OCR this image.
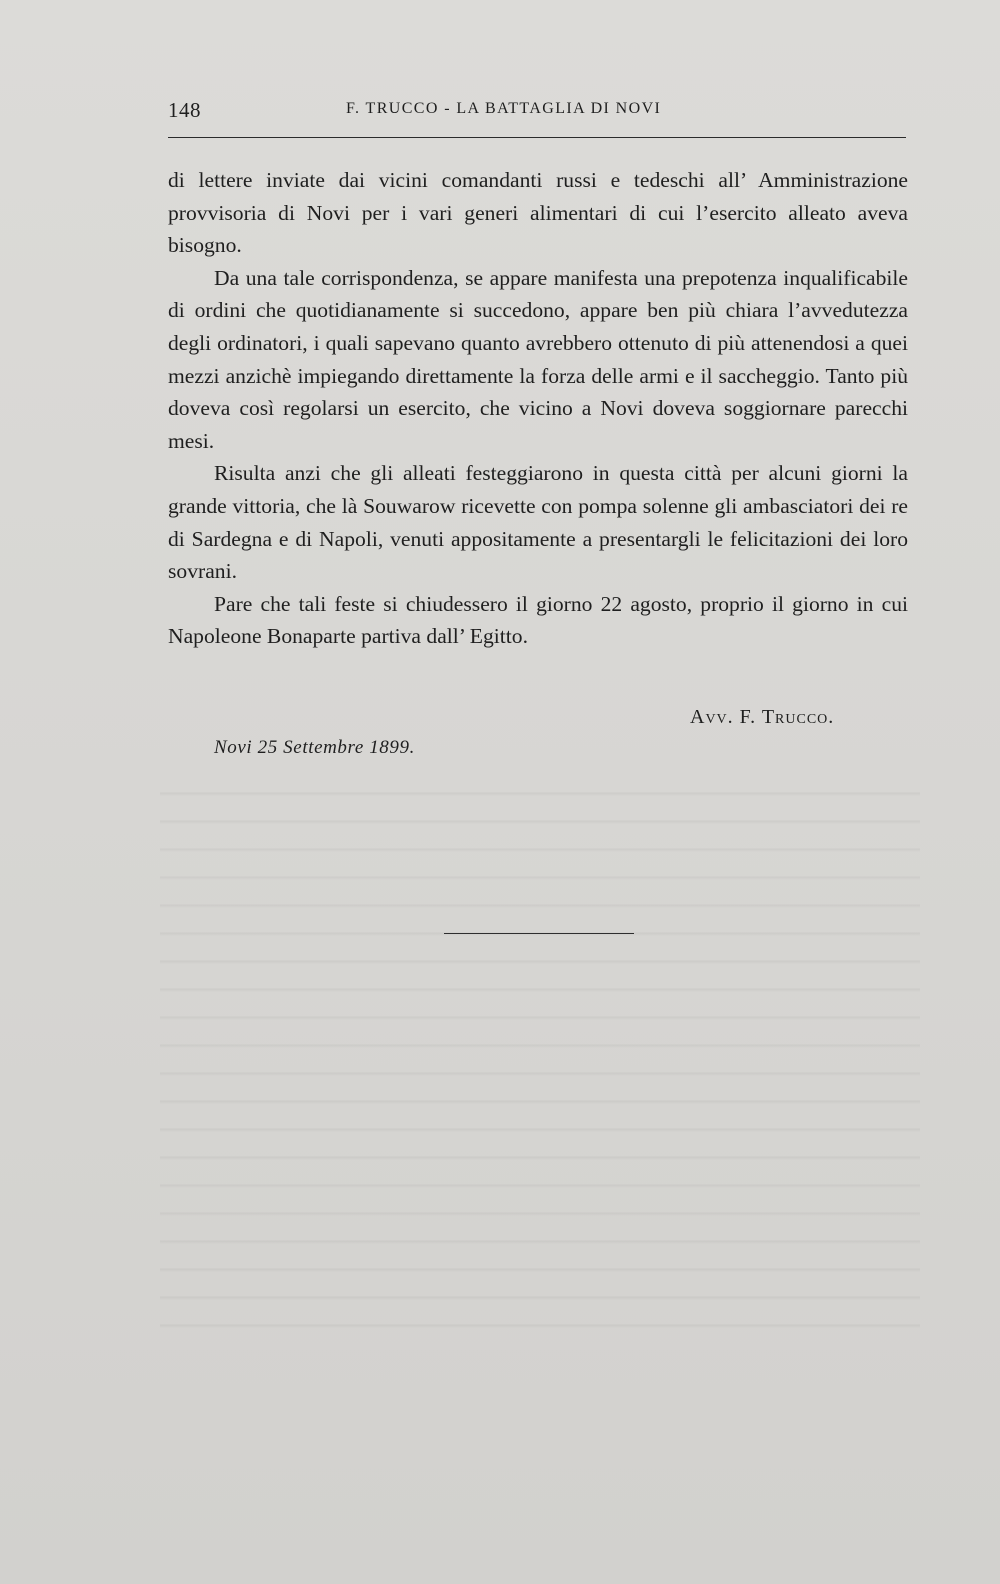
148	F. TRUCCO - LA BATTAGLIA DI NOVI

di lettere inviate dai vicini comandanti russi e tedeschi all’ Amministrazione provvisoria di Novi per i vari generi alimentari di cui l’esercito alleato aveva bisogno.

Da una tale corrispondenza, se appare manifesta una prepotenza inqualificabile di ordini che quotidianamente si succedono, appare ben più chiara l’avvedutezza degli ordinatori, i quali sapevano quanto avrebbero ottenuto di più attenendosi a quei mezzi anzichè impiegando direttamente la forza delle armi e il saccheggio. Tanto più doveva così regolarsi un esercito, che vicino a Novi doveva soggiornare parecchi mesi.

Risulta anzi che gli alleati festeggiarono in questa città per alcuni giorni la grande vittoria, che là Souwarow ricevette con pompa solenne gli ambasciatori dei re di Sardegna e di Napoli, venuti appositamente a presentargli le felicitazioni dei loro sovrani.

Pare che tali feste si chiudessero il giorno 22 agosto, proprio il giorno in cui Napoleone Bonaparte partiva dall’ Egitto.

Avv. F. Trucco.
Novi 25 Settembre 1899.
